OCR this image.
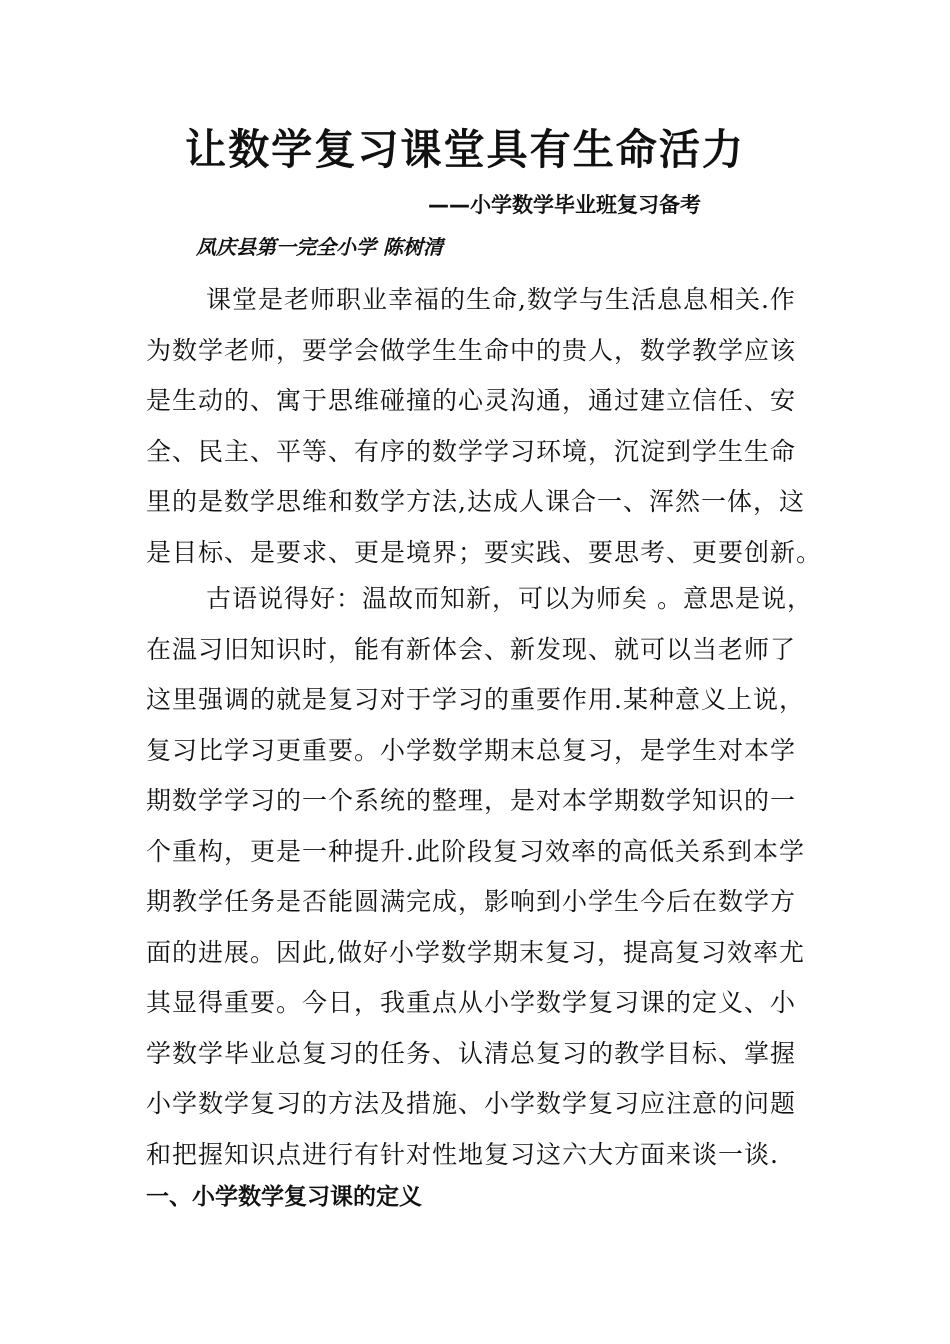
让数学复习课堂具有生命活力
——小学数学毕业班复习备考
凤庆县第一完全小学 陈树清
课堂是老师职业幸福的生命,数学与生活息息相关.作
为数学老师，要学会做学生生命中的贵人，数学教学应该
是生动的、寓于思维碰撞的心灵沟通，通过建立信任、安
全、民主、平等、有序的数学学习环境，沉淀到学生生命
里的是数学思维和数学方法,达成人课合一、浑然一体，这
是目标、是要求、更是境界；要实践、要思考、更要创新。
古语说得好：温故而知新，可以为师矣 。意思是说，
在温习旧知识时，能有新体会、新发现、就可以当老师了
这里强调的就是复习对于学习的重要作用.某种意义上说，
复习比学习更重要。小学数学期末总复习，是学生对本学
期数学学习的一个系统的整理，是对本学期数学知识的一
个重构，更是一种提升.此阶段复习效率的高低关系到本学
期教学任务是否能圆满完成，影响到小学生今后在数学方
面的进展。因此,做好小学数学期末复习，提高复习效率尤
其显得重要。今日，我重点从小学数学复习课的定义、小
学数学毕业总复习的任务、认清总复习的教学目标、掌握
小学数学复习的方法及措施、小学数学复习应注意的问题
和把握知识点进行有针对性地复习这六大方面来谈一谈.
一、小学数学复习课的定义
